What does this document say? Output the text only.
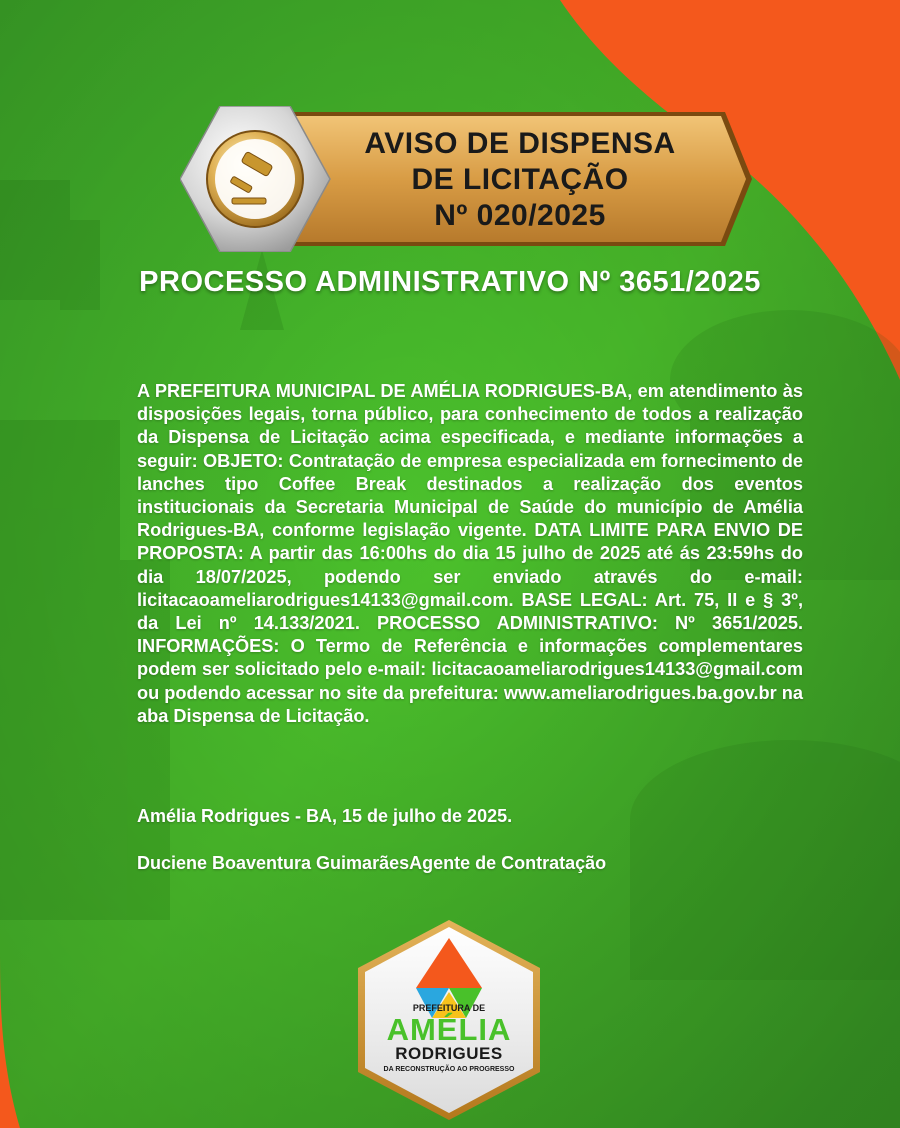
AVISO DE DISPENSA
DE LICITAÇÃO
Nº 020/2025
PROCESSO ADMINISTRATIVO Nº 3651/2025

A PREFEITURA MUNICIPAL DE AMÉLIA RODRIGUES-BA, em atendimento às disposições legais, torna público, para conhecimento de todos a realização da Dispensa de Licitação acima especificada, e mediante informações a seguir: OBJETO: Contratação de empresa especializada em fornecimento de lanches tipo Coffee Break destinados a realização dos eventos institucionais da Secretaria Municipal de Saúde do município de Amélia Rodrigues-BA, conforme legislação vigente. DATA LIMITE PARA ENVIO DE PROPOSTA: A partir das 16:00hs do dia 15 julho de 2025 até ás 23:59hs do dia 18/07/2025, podendo ser enviado através do e-mail: licitacaoameliarodrigues14133@gmail.com. BASE LEGAL: Art. 75, II e § 3º, da Lei nº 14.133/2021. PROCESSO ADMINISTRATIVO: Nº 3651/2025. INFORMAÇÕES: O Termo de Referência e informações complementares podem ser solicitado pelo e-mail: licitacaoameliarodrigues14133@gmail.com ou podendo acessar no site da prefeitura: www.ameliarodrigues.ba.gov.br na aba Dispensa de Licitação.

Amélia Rodrigues - BA, 15 de julho de 2025.
Duciene Boaventura GuimarãesAgente de Contratação
PREFEITURA DE
AMÉLIA
RODRIGUES
DA RECONSTRUÇÃO AO PROGRESSO
